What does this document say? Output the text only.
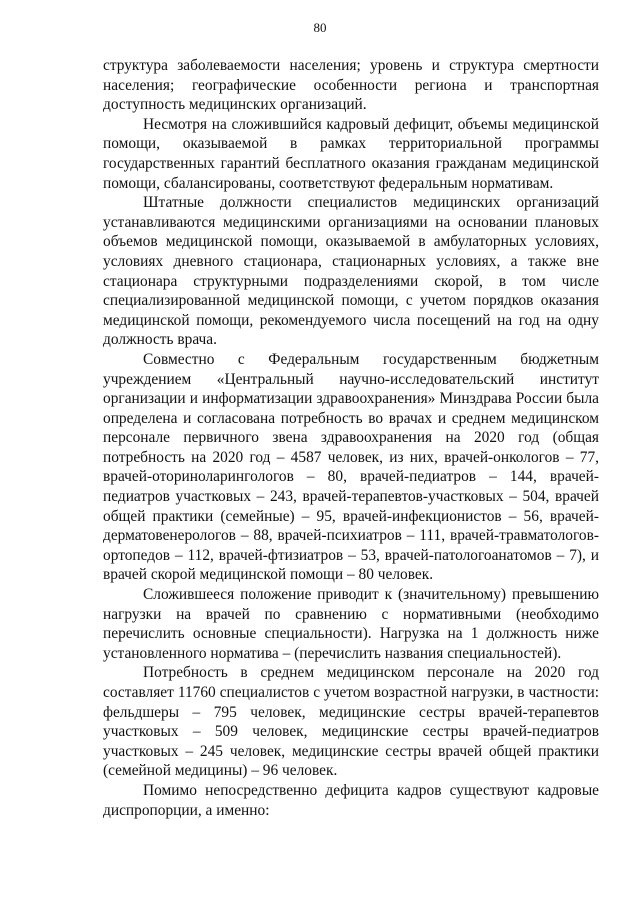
80

структура заболеваемости населения; уровень и структура смертности населения; географические особенности региона и транспортная доступность медицинских организаций.

Несмотря на сложившийся кадровый дефицит, объемы медицинской помощи, оказываемой в рамках территориальной программы государственных гарантий бесплатного оказания гражданам медицинской помощи, сбалансированы, соответствуют федеральным нормативам.

Штатные должности специалистов медицинских организаций устанавливаются медицинскими организациями на основании плановых объемов медицинской помощи, оказываемой в амбулаторных условиях, условиях дневного стационара, стационарных условиях, а также вне стационара структурными подразделениями скорой, в том числе специализированной медицинской помощи, с учетом порядков оказания медицинской помощи, рекомендуемого числа посещений на год на одну должность врача.

Совместно с Федеральным государственным бюджетным учреждением «Центральный научно-исследовательский институт организации и информатизации здравоохранения» Минздрава России была определена и согласована потребность во врачах и среднем медицинском персонале первичного звена здравоохранения на 2020 год (общая потребность на 2020 год – 4587 человек, из них, врачей-онкологов – 77, врачей-оториноларингологов – 80, врачей-педиатров – 144, врачей-педиатров участковых – 243, врачей-терапевтов-участковых – 504, врачей общей практики (семейные) – 95, врачей-инфекционистов – 56, врачей-дерматовенерологов – 88, врачей-психиатров – 111, врачей-травматологов-ортопедов – 112, врачей-фтизиатров – 53, врачей-патологоанатомов – 7), и врачей скорой медицинской помощи – 80 человек.

Сложившееся положение приводит к (значительному) превышению нагрузки на врачей по сравнению с нормативными (необходимо перечислить основные специальности). Нагрузка на 1 должность ниже установленного норматива – (перечислить названия специальностей).

Потребность в среднем медицинском персонале на 2020 год составляет 11760 специалистов с учетом возрастной нагрузки, в частности: фельдшеры – 795 человек, медицинские сестры врачей-терапевтов участковых – 509 человек, медицинские сестры врачей-педиатров участковых – 245 человек, медицинские сестры врачей общей практики (семейной медицины) – 96 человек.

Помимо непосредственно дефицита кадров существуют кадровые диспропорции, а именно:
